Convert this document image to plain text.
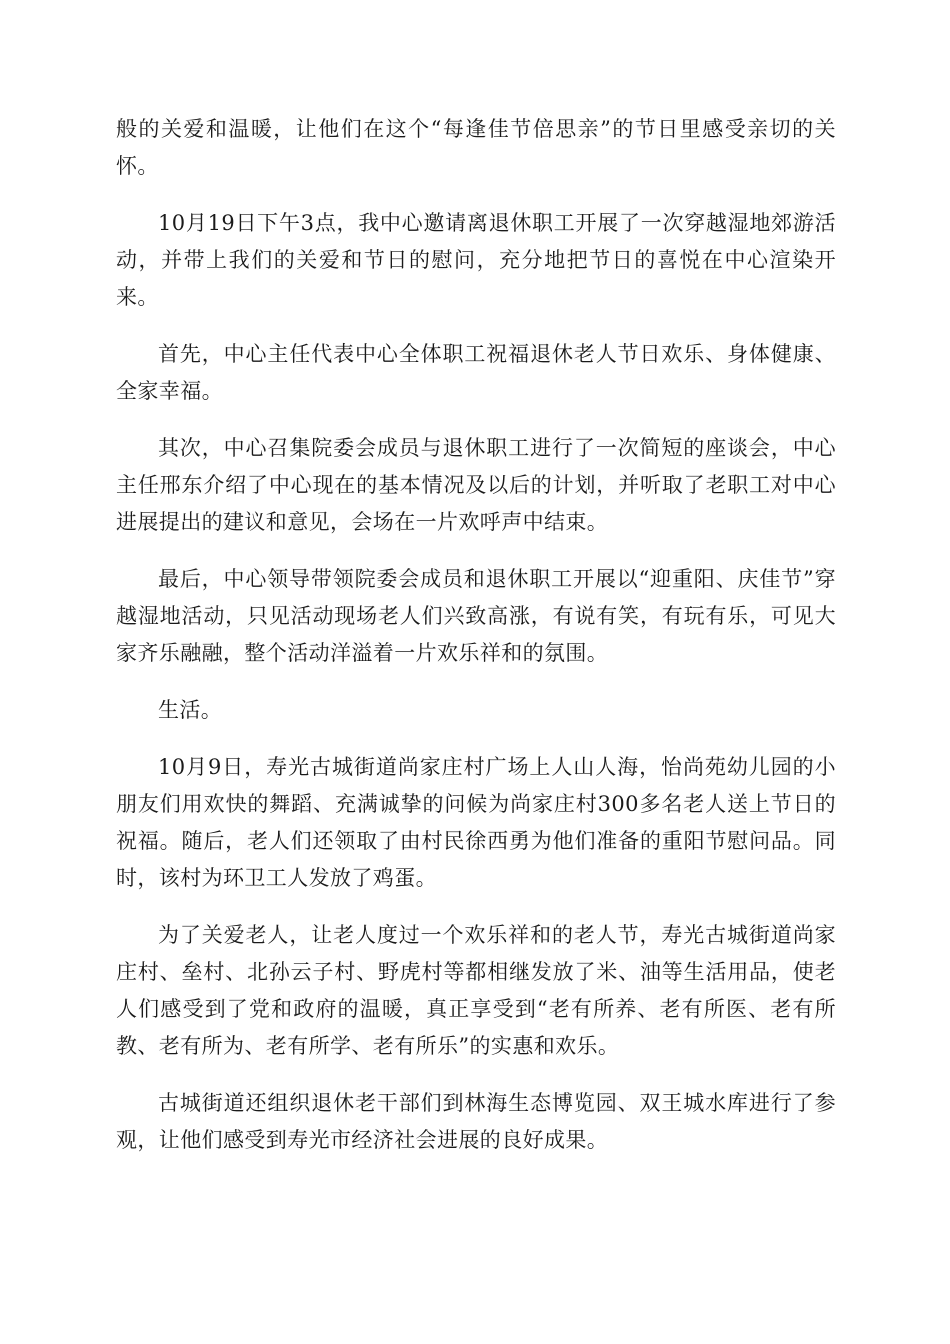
般的关爱和温暖，让他们在这个“每逢佳节倍思亲”的节日里感受亲切的关怀。

10月19日下午3点，我中心邀请离退休职工开展了一次穿越湿地郊游活动，并带上我们的关爱和节日的慰问，充分地把节日的喜悦在中心渲染开来。

首先，中心主任代表中心全体职工祝福退休老人节日欢乐、身体健康、全家幸福。

其次，中心召集院委会成员与退休职工进行了一次简短的座谈会，中心主任邢东介绍了中心现在的基本情况及以后的计划，并听取了老职工对中心进展提出的建议和意见，会场在一片欢呼声中结束。

最后，中心领导带领院委会成员和退休职工开展以“迎重阳、庆佳节”穿越湿地活动，只见活动现场老人们兴致高涨，有说有笑，有玩有乐，可见大家齐乐融融，整个活动洋溢着一片欢乐祥和的氛围。

生活。

10月9日，寿光古城街道尚家庄村广场上人山人海，怡尚苑幼儿园的小朋友们用欢快的舞蹈、充满诚挚的问候为尚家庄村300多名老人送上节日的祝福。随后，老人们还领取了由村民徐西勇为他们准备的重阳节慰问品。同时，该村为环卫工人发放了鸡蛋。

为了关爱老人，让老人度过一个欢乐祥和的老人节，寿光古城街道尚家庄村、垒村、北孙云子村、野虎村等都相继发放了米、油等生活用品，使老人们感受到了党和政府的温暖，真正享受到“老有所养、老有所医、老有所教、老有所为、老有所学、老有所乐”的实惠和欢乐。

古城街道还组织退休老干部们到林海生态博览园、双王城水库进行了参观，让他们感受到寿光市经济社会进展的良好成果。
